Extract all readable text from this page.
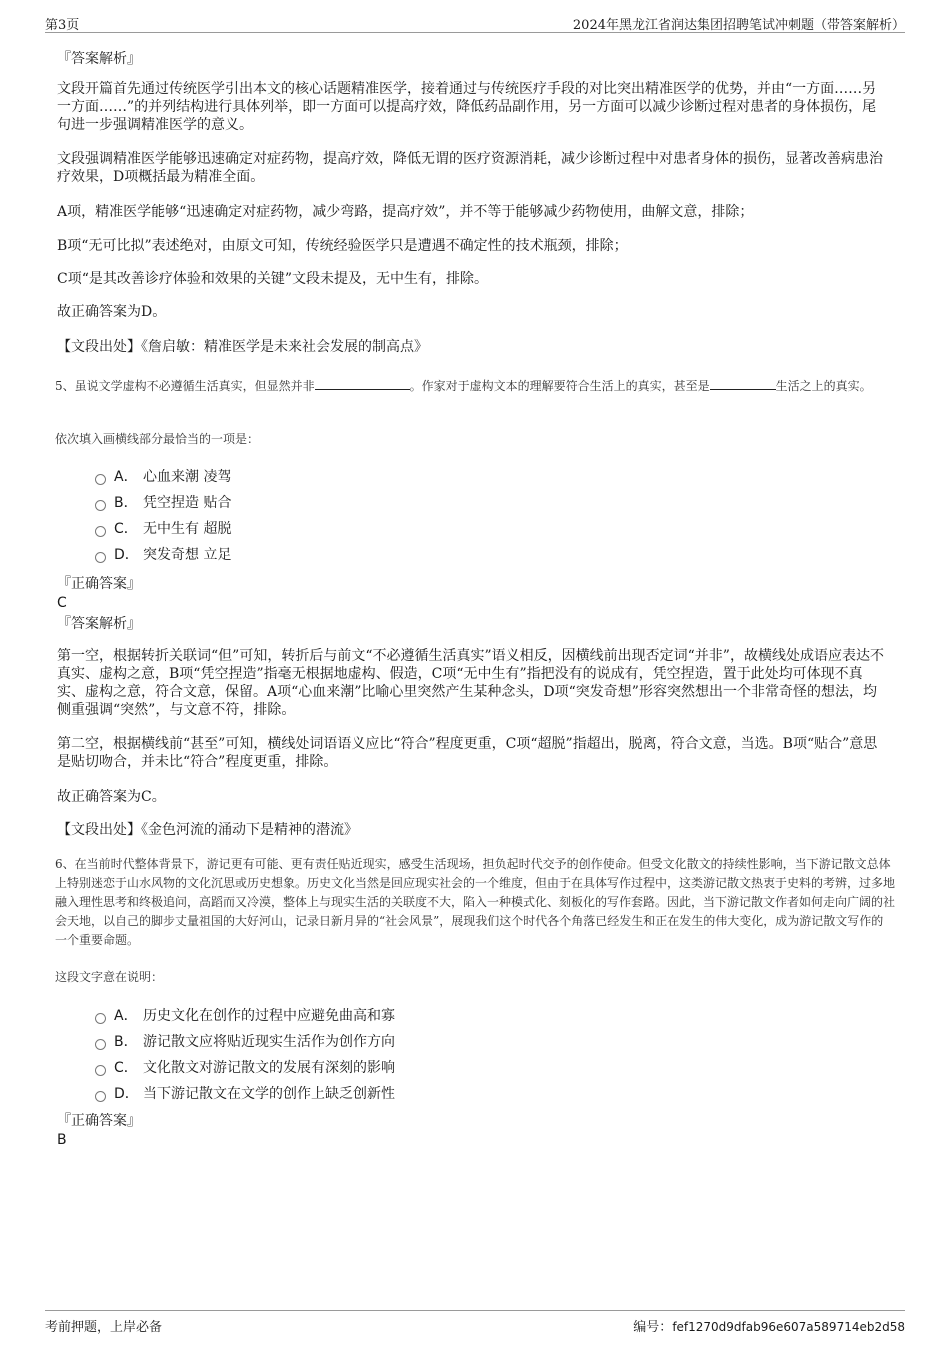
第3页	2024年黑龙江省润达集团招聘笔试冲刺题（带答案解析）
『答案解析』

文段开篇首先通过传统医学引出本文的核心话题精准医学，接着通过与传统医疗手段的对比突出精准医学的优势，并由“一方面……另一方面……”的并列结构进行具体列举，即一方面可以提高疗效，降低药品副作用，另一方面可以减少诊断过程对患者的身体损伤，尾句进一步强调精准医学的意义。

文段强调精准医学能够迅速确定对症药物，提高疗效，降低无谓的医疗资源消耗，减少诊断过程中对患者身体的损伤，显著改善病患治疗效果，D项概括最为精准全面。

A项，精准医学能够“迅速确定对症药物，减少弯路，提高疗效”，并不等于能够减少药物使用，曲解文意，排除；

B项“无可比拟”表述绝对，由原文可知，传统经验医学只是遭遇不确定性的技术瓶颈，排除；

C项“是其改善诊疗体验和效果的关键”文段未提及，无中生有，排除。

故正确答案为D。

【文段出处】《詹启敏：精准医学是未来社会发展的制高点》

5、虽说文学虚构不必遵循生活真实，但显然并非	。作家对于虚构文本的理解要符合生活上的真实，甚至是	生活之上的真实。

依次填入画横线部分最恰当的一项是：

A． 心血来潮 凌驾
B． 凭空捏造 贴合
C． 无中生有 超脱
D． 突发奇想 立足
『正确答案』
C
『答案解析』

第一空，根据转折关联词“但”可知，转折后与前文“不必遵循生活真实”语义相反，因横线前出现否定词“并非”，故横线处成语应表达不真实、虚构之意，B项“凭空捏造”指毫无根据地虚构、假造，C项“无中生有”指把没有的说成有，凭空捏造，置于此处均可体现不真实、虚构之意，符合文意，保留。A项“心血来潮”比喻心里突然产生某种念头，D项“突发奇想”形容突然想出一个非常奇怪的想法，均侧重强调“突然”，与文意不符，排除。

第二空，根据横线前“甚至”可知，横线处词语语义应比“符合”程度更重，C项“超脱”指超出，脱离，符合文意，当选。B项“贴合”意思是贴切吻合，并未比“符合”程度更重，排除。

故正确答案为C。

【文段出处】《金色河流的涌动下是精神的潜流》

6、在当前时代整体背景下，游记更有可能、更有责任贴近现实，感受生活现场，担负起时代交予的创作使命。但受文化散文的持续性影响，当下游记散文总体上特别迷恋于山水风物的文化沉思或历史想象。历史文化当然是回应现实社会的一个维度，但由于在具体写作过程中，这类游记散文热衷于史料的考辨，过多地融入理性思考和终极追问，高蹈而又冷漠，整体上与现实生活的关联度不大，陷入一种模式化、刻板化的写作套路。因此，当下游记散文作者如何走向广阔的社会天地，以自己的脚步丈量祖国的大好河山，记录日新月异的“社会风景”，展现我们这个时代各个角落已经发生和正在发生的伟大变化，成为游记散文写作的一个重要命题。

这段文字意在说明：

A． 历史文化在创作的过程中应避免曲高和寡
B． 游记散文应将贴近现实生活作为创作方向
C． 文化散文对游记散文的发展有深刻的影响
D． 当下游记散文在文学的创作上缺乏创新性
『正确答案』
B
考前押题，上岸必备	编号：fef1270d9dfab96e607a589714eb2d58
